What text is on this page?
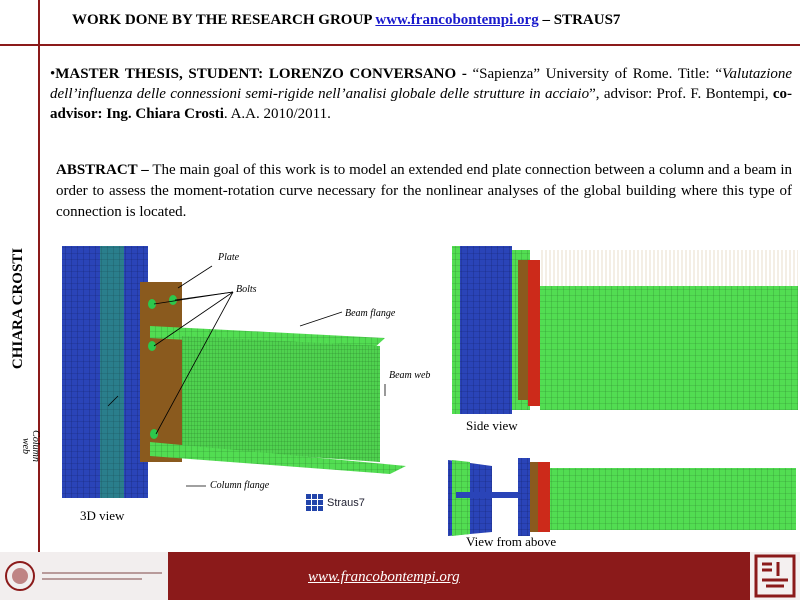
WORK DONE BY THE RESEARCH GROUP www.francobontempi.org – STRAUS7
CHIARA CROSTI
•MASTER THESIS, STUDENT: LORENZO CONVERSANO - “Sapienza” University of Rome. Title: “Valutazione dell’influenza delle connessioni semi-rigide nell’analisi globale delle strutture in acciaio”, advisor: Prof. F. Bontempi, co-advisor: Ing. Chiara Crosti. A.A. 2010/2011.
ABSTRACT – The main goal of this work is to model an extended end plate connection between a column and a beam in order to assess the moment-rotation curve necessary for the nonlinear analyses of the global building where this type of connection is located.
Plate
Bolts
Beam flange
Beam web
Column web
Column flange
3D view
Side view
View from above
Straus7
www.francobontempi.org
